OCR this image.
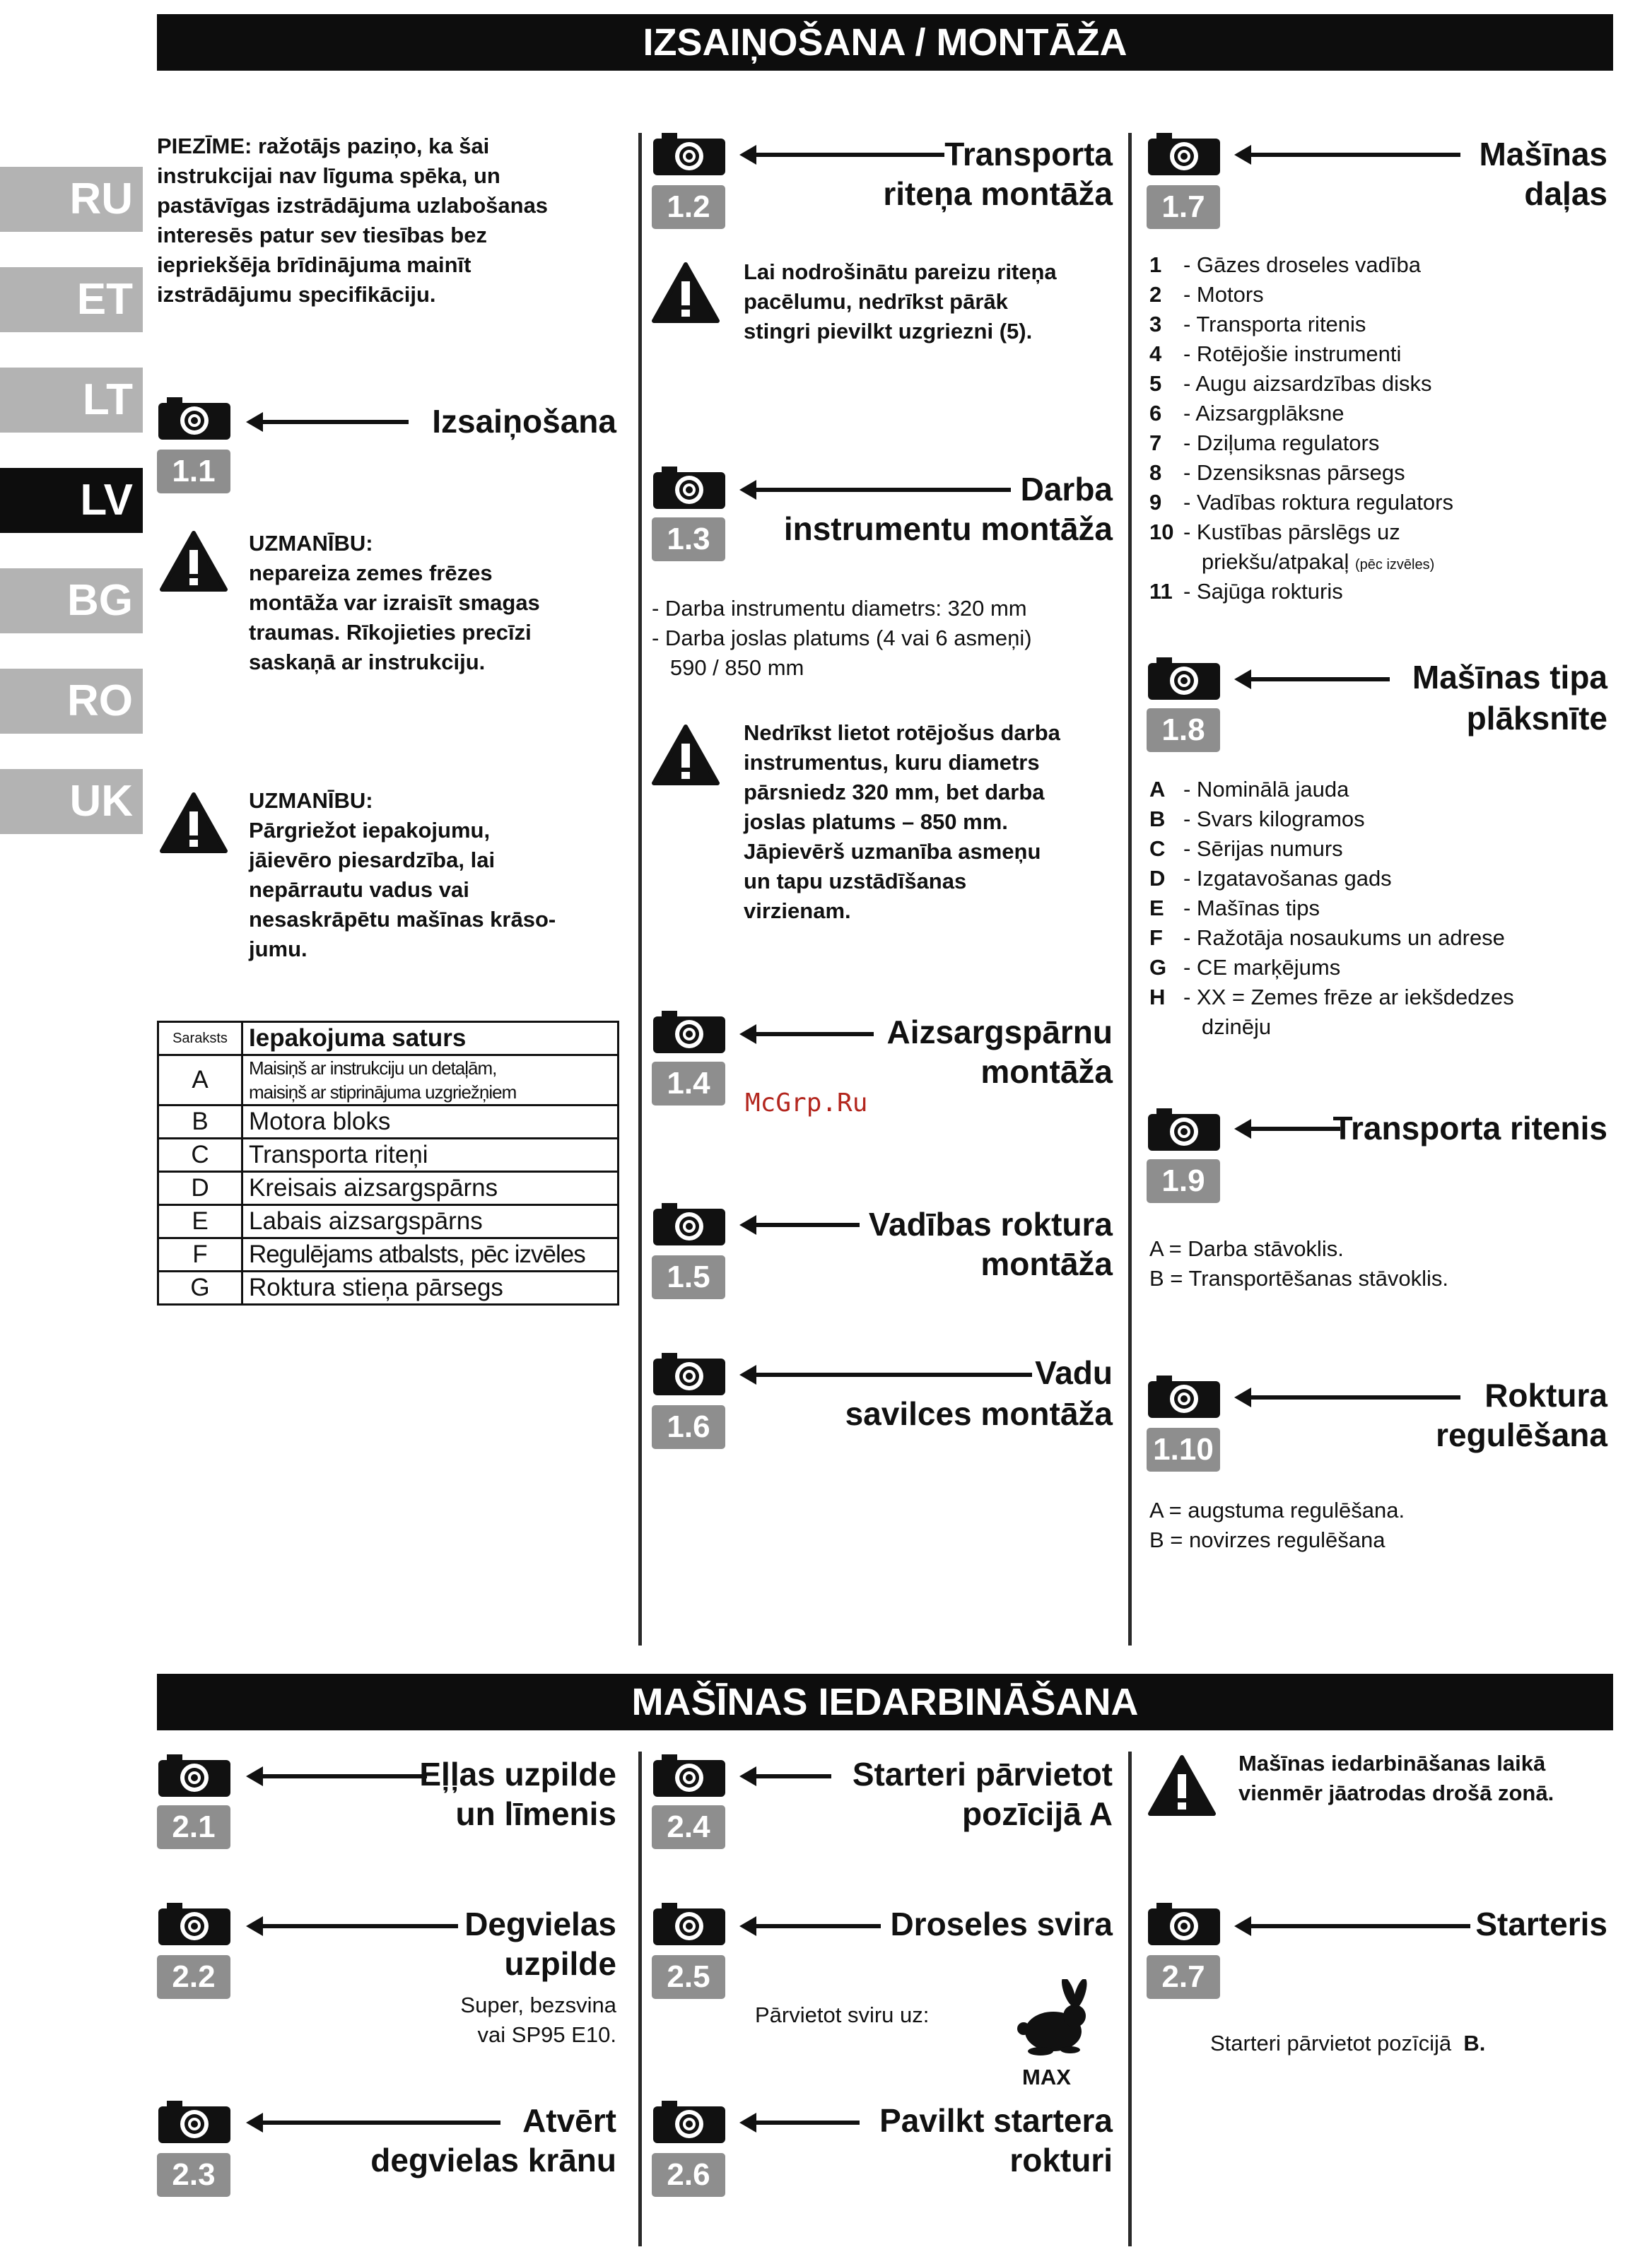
IZSAIŅOŠANA / MONTĀŽA
MAŠĪNAS IEDARBINĀŠANA
RU
ET
LT
LV
BG
RO
UK
PIEZĪME: ražotājs paziņo, ka šai
instrukcijai nav līguma spēka, un
pastāvīgas izstrādājuma uzlabošanas
interesēs patur sev tiesības bez
iepriekšēja brīdinājuma mainīt
izstrādājumu specifikāciju.
1.1
Izsaiņošana
UZMANĪBU:
nepareiza zemes frēzes
montāža var izraisīt smagas
traumas. Rīkojieties precīzi
saskaņā ar instrukciju.
UZMANĪBU:
Pārgriežot iepakojumu,
jāievēro piesardzība, lai
nepārrautu vadus vai
nesaskrāpētu mašīnas krāso-
jumu.
Saraksts	Iepakojuma saturs
A	Maisiņš ar instrukciju un detaļām,
maisiņš ar stiprinājuma uzgriežņiem
B	Motora bloks
C	Transporta riteņi
D	Kreisais aizsargspārns
E	Labais aizsargspārns
F	Regulējams atbalsts, pēc izvēles
G	Roktura stieņa pārsegs
1.2
Transporta
riteņa montāža
Lai nodrošinātu pareizu riteņa
pacēlumu, nedrīkst pārāk
stingri pievilkt uzgriezni (5).
1.3
Darba
instrumentu montāža
- Darba instrumentu diametrs: 320 mm
- Darba joslas platums (4 vai 6 asmeņi)
590 / 850 mm
Nedrīkst lietot rotējošus darba
instrumentus, kuru diametrs
pārsniedz 320 mm, bet darba
joslas platums – 850 mm.
Jāpievērš uzmanība asmeņu
un tapu uzstādīšanas
virzienam.
1.4
Aizsargspārnu
montāža
McGrp.Ru
1.5
Vadības roktura
montāža
1.6
Vadu
savilces montāža
1.7
Mašīnas
daļas
1 - Gāzes droseles vadība
2 - Motors
3 - Transporta ritenis
4 - Rotējošie instrumenti
5 - Augu aizsardzības disks
6 - Aizsargplāksne
7 - Dziļuma regulators
8 - Dzensiksnas pārsegs
9 - Vadības roktura regulators
10 - Kustības pārslēgs uz
priekšu/atpakaļ (pēc izvēles)
11 - Sajūga rokturis
1.8
Mašīnas tipa
plāksnīte
A - Nominālā jauda
B - Svars kilogramos
C - Sērijas numurs
D - Izgatavošanas gads
E - Mašīnas tips
F - Ražotāja nosaukums un adrese
G - CE marķējums
H - XX = Zemes frēze ar iekšdedzes
dzinēju
1.9
Transporta ritenis
A = Darba stāvoklis.
B = Transportēšanas stāvoklis.
1.10
Roktura
regulēšana
A = augstuma regulēšana.
B = novirzes regulēšana
2.1
Eļļas uzpilde
un līmenis
2.2
Degvielas
uzpilde
Super, bezsvina
vai SP95 E10.
2.3
Atvērt
degvielas krānu
2.4
Starteri pārvietot
pozīcijā A
2.5
Droseles svira
Pārvietot sviru uz:
MAX
2.6
Pavilkt startera
rokturi
Mašīnas iedarbināšanas laikā
vienmēr jāatrodas drošā zonā.
2.7
Starteris
Starteri pārvietot pozīcijā B.
